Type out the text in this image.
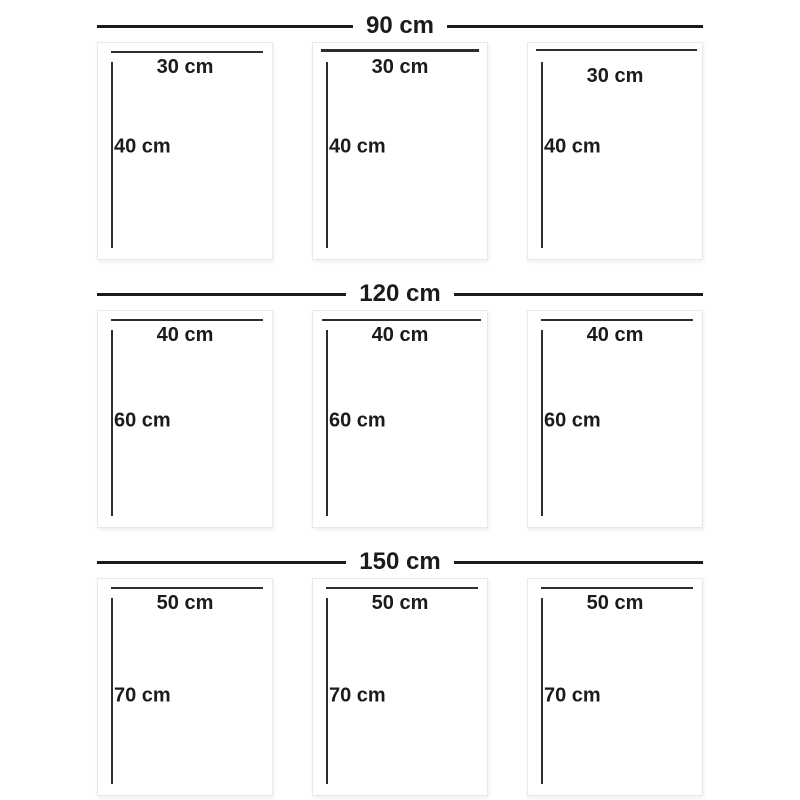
90 cm
30 cm
40 cm
30 cm
40 cm
30 cm
40 cm
120 cm
40 cm
60 cm
40 cm
60 cm
40 cm
60 cm
150 cm
50 cm
70 cm
50 cm
70 cm
50 cm
70 cm
